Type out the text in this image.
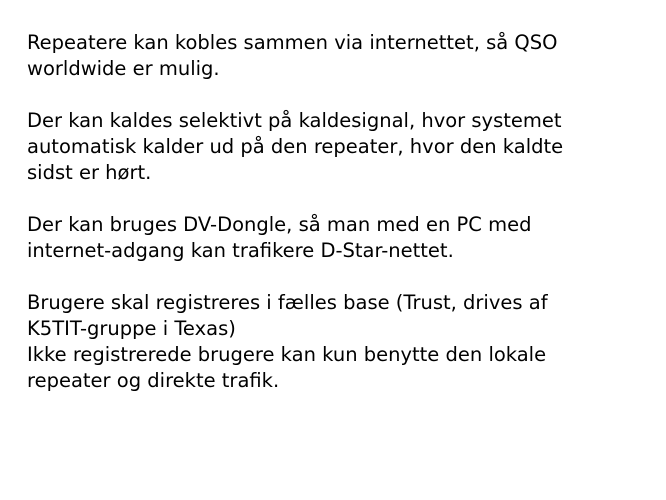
Repeatere kan kobles sammen via internettet, så QSO
worldwide er mulig.
Der kan kaldes selektivt på kaldesignal, hvor systemet
automatisk kalder ud på den repeater, hvor den kaldte
sidst er hørt.
Der kan bruges DV-Dongle, så man med en PC med
internet-adgang kan trafikere D-Star-nettet.
Brugere skal registreres i fælles base (Trust, drives af
K5TIT-gruppe i Texas)
Ikke registrerede brugere kan kun benytte den lokale
repeater og direkte trafik.
